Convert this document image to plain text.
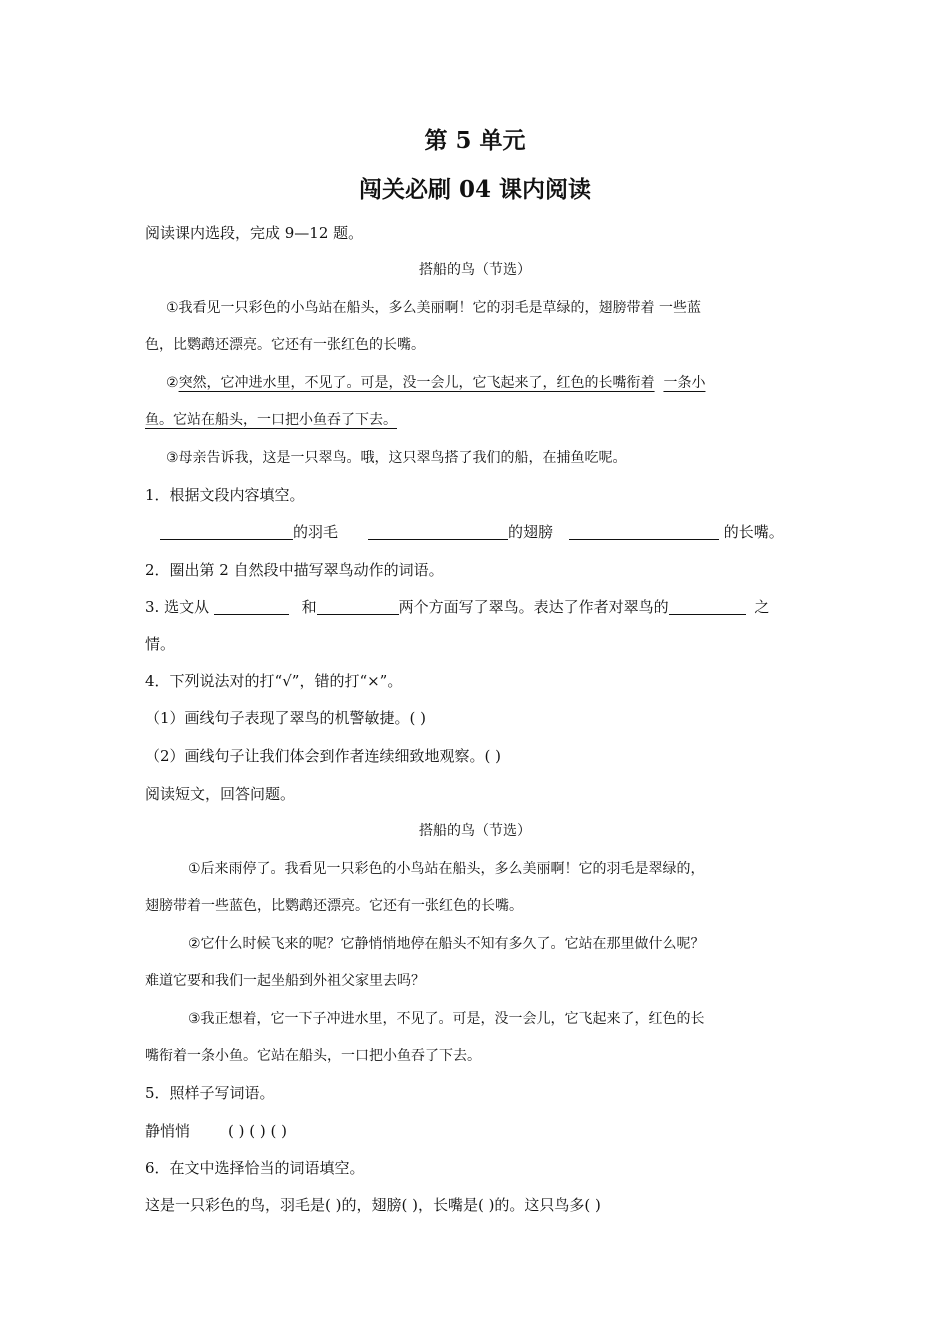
第 5 单元
闯关必刷 04 课内阅读
阅读课内选段，完成 9—12 题。
搭船的鸟（节选）
①我看见一只彩色的小鸟站在船头，多么美丽啊！它的羽毛是草绿的，翅膀带着 一些蓝
色，比鹦鹉还漂亮。它还有一张红色的长嘴。
②突然，它冲进水里，不见了。可是，没一会儿，它飞起来了，红色的长嘴衔着 一条小
鱼。它站在船头，一口把小鱼吞了下去。
③母亲告诉我，这是一只翠鸟。哦，这只翠鸟搭了我们的船，在捕鱼吃呢。
1．根据文段内容填空。
的羽毛	的翅膀	的长嘴。
2．圈出第 2 自然段中描写翠鸟动作的词语。
3. 选文从	和	两个方面写了翠鸟。表达了作者对翠鸟的	之
情。
4．下列说法对的打“√”，错的打“×”。
（1）画线句子表现了翠鸟的机警敏捷。( )
（2）画线句子让我们体会到作者连续细致地观察。( )
阅读短文，回答问题。
搭船的鸟（节选）
①后来雨停了。我看见一只彩色的小鸟站在船头，多么美丽啊！它的羽毛是翠绿的，
翅膀带着一些蓝色，比鹦鹉还漂亮。它还有一张红色的长嘴。
②它什么时候飞来的呢？它静悄悄地停在船头不知有多久了。它站在那里做什么呢？
难道它要和我们一起坐船到外祖父家里去吗？
③我正想着，它一下子冲进水里，不见了。可是，没一会儿，它飞起来了，红色的长
嘴衔着一条小鱼。它站在船头，一口把小鱼吞了下去。
5．照样子写词语。
静悄悄	( ) ( ) ( )
6．在文中选择恰当的词语填空。
这是一只彩色的鸟，羽毛是( )的，翅膀( )，长嘴是( )的。这只鸟多( )
